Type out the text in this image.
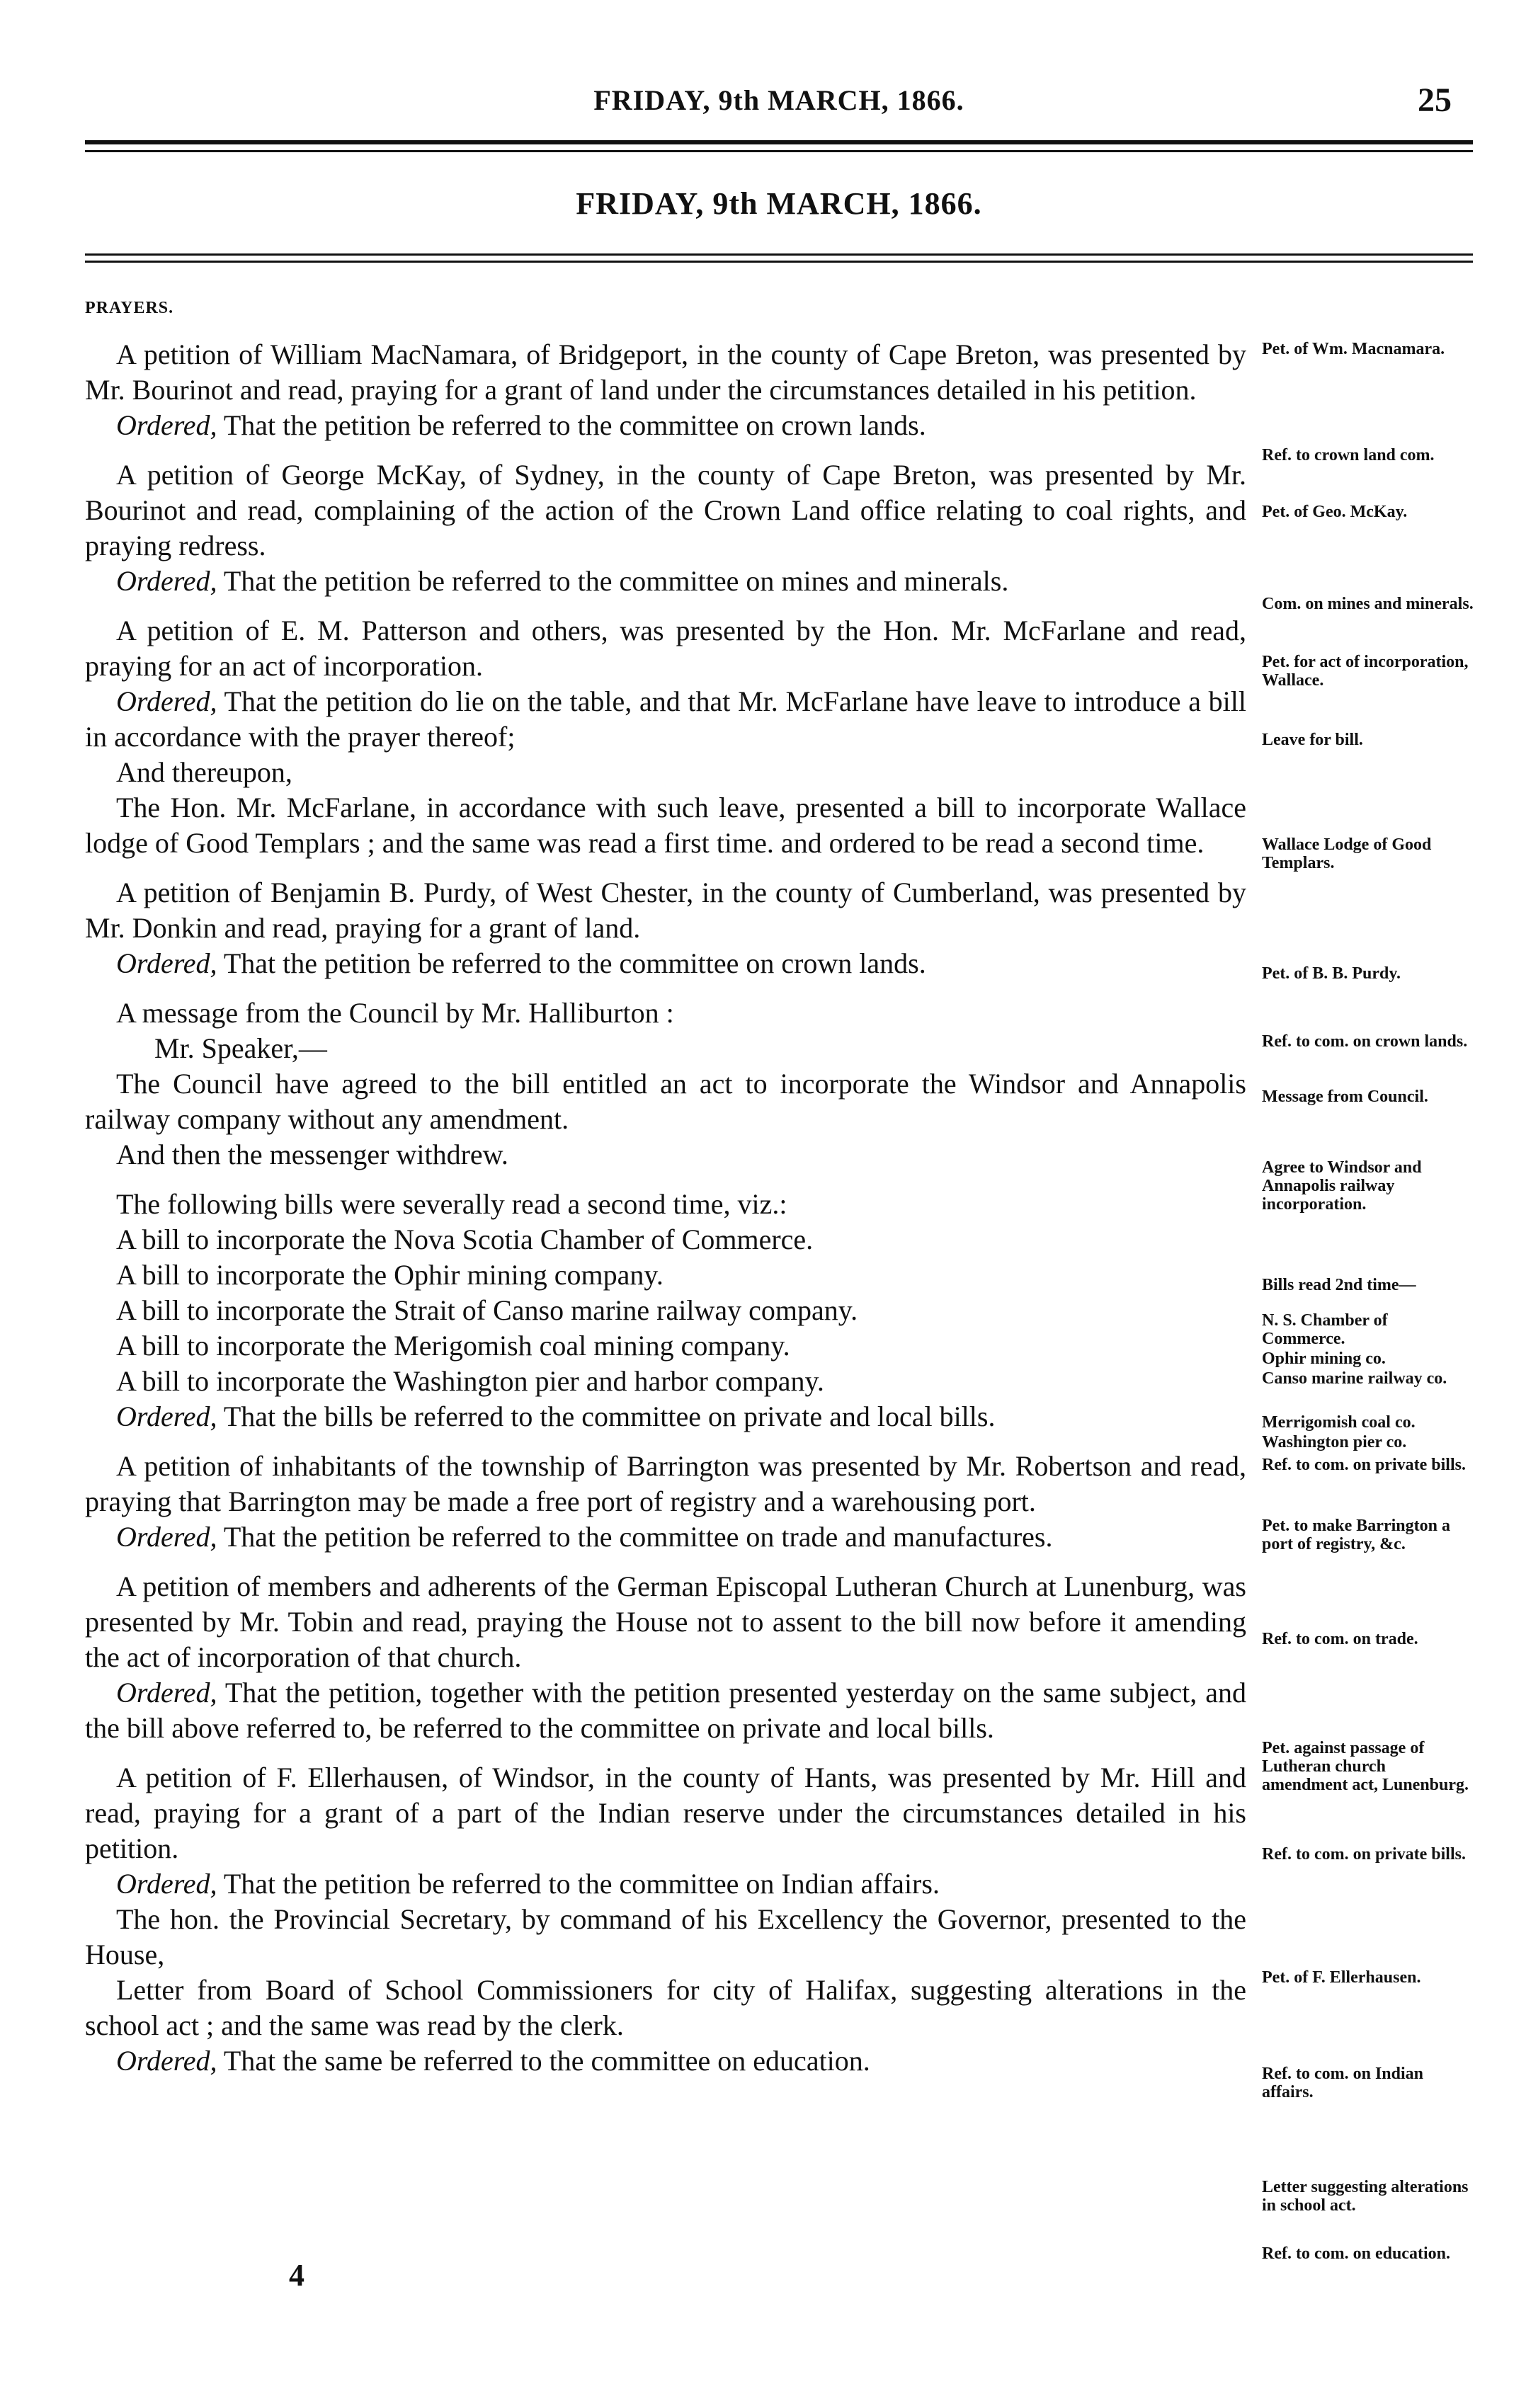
FRIDAY, 9th MARCH, 1866.	25
FRIDAY, 9th MARCH, 1866.
PRAYERS.

A petition of William MacNamara, of Bridgeport, in the county of Cape Breton, was presented by Mr. Bourinot and read, praying for a grant of land under the circumstances detailed in his petition.

Ordered, That the petition be referred to the committee on crown lands.

A petition of George McKay, of Sydney, in the county of Cape Breton, was presented by Mr. Bourinot and read, complaining of the action of the Crown Land office relating to coal rights, and praying redress.

Ordered, That the petition be referred to the committee on mines and minerals.

A petition of E. M. Patterson and others, was presented by the Hon. Mr. McFarlane and read, praying for an act of incorporation.

Ordered, That the petition do lie on the table, and that Mr. McFarlane have leave to introduce a bill in accordance with the prayer thereof;

And thereupon,

The Hon. Mr. McFarlane, in accordance with such leave, presented a bill to incorporate Wallace lodge of Good Templars ; and the same was read a first time. and ordered to be read a second time.

A petition of Benjamin B. Purdy, of West Chester, in the county of Cumberland, was presented by Mr. Donkin and read, praying for a grant of land.

Ordered, That the petition be referred to the committee on crown lands.

A message from the Council by Mr. Halliburton :

Mr. Speaker,—

The Council have agreed to the bill entitled an act to incorporate the Windsor and Annapolis railway company without any amendment.

And then the messenger withdrew.

The following bills were severally read a second time, viz.:

A bill to incorporate the Nova Scotia Chamber of Commerce.

A bill to incorporate the Ophir mining company.

A bill to incorporate the Strait of Canso marine railway company.

A bill to incorporate the Merigomish coal mining company.

A bill to incorporate the Washington pier and harbor company.

Ordered, That the bills be referred to the committee on private and local bills.

A petition of inhabitants of the township of Barrington was presented by Mr. Robertson and read, praying that Barrington may be made a free port of registry and a warehousing port.

Ordered, That the petition be referred to the committee on trade and manufactures.

A petition of members and adherents of the German Episcopal Lutheran Church at Lunenburg, was presented by Mr. Tobin and read, praying the House not to assent to the bill now before it amending the act of incorporation of that church.

Ordered, That the petition, together with the petition presented yesterday on the same subject, and the bill above referred to, be referred to the committee on private and local bills.

A petition of F. Ellerhausen, of Windsor, in the county of Hants, was presented by Mr. Hill and read, praying for a grant of a part of the Indian reserve under the circumstances detailed in his petition.

Ordered, That the petition be referred to the committee on Indian affairs.

The hon. the Provincial Secretary, by command of his Excellency the Governor, presented to the House,

Letter from Board of School Commissioners for city of Halifax, suggesting alterations in the school act ; and the same was read by the clerk.

Ordered, That the same be referred to the committee on education.

Pet. of Wm. Macnamara.
Ref. to crown land com.
Pet. of Geo. McKay.
Com. on mines and minerals.
Pet. for act of incorporation, Wallace.
Leave for bill.
Wallace Lodge of Good Templars.
Pet. of B. B. Purdy.
Ref. to com. on crown lands.
Message from Council.
Agree to Windsor and Annapolis railway incorporation.
Bills read 2nd time—
N. S. Chamber of Commerce.
Ophir mining co.
Canso marine railway co.
Merrigomish coal co.
Washington pier co.
Ref. to com. on private bills.
Pet. to make Barrington a port of registry, &c.
Ref. to com. on trade.
Pet. against passage of Lutheran church amendment act, Lunenburg.
Ref. to com. on private bills.
Pet. of F. Ellerhausen.
Ref. to com. on Indian affairs.
Letter suggesting alterations in school act.
Ref. to com. on education.
4
